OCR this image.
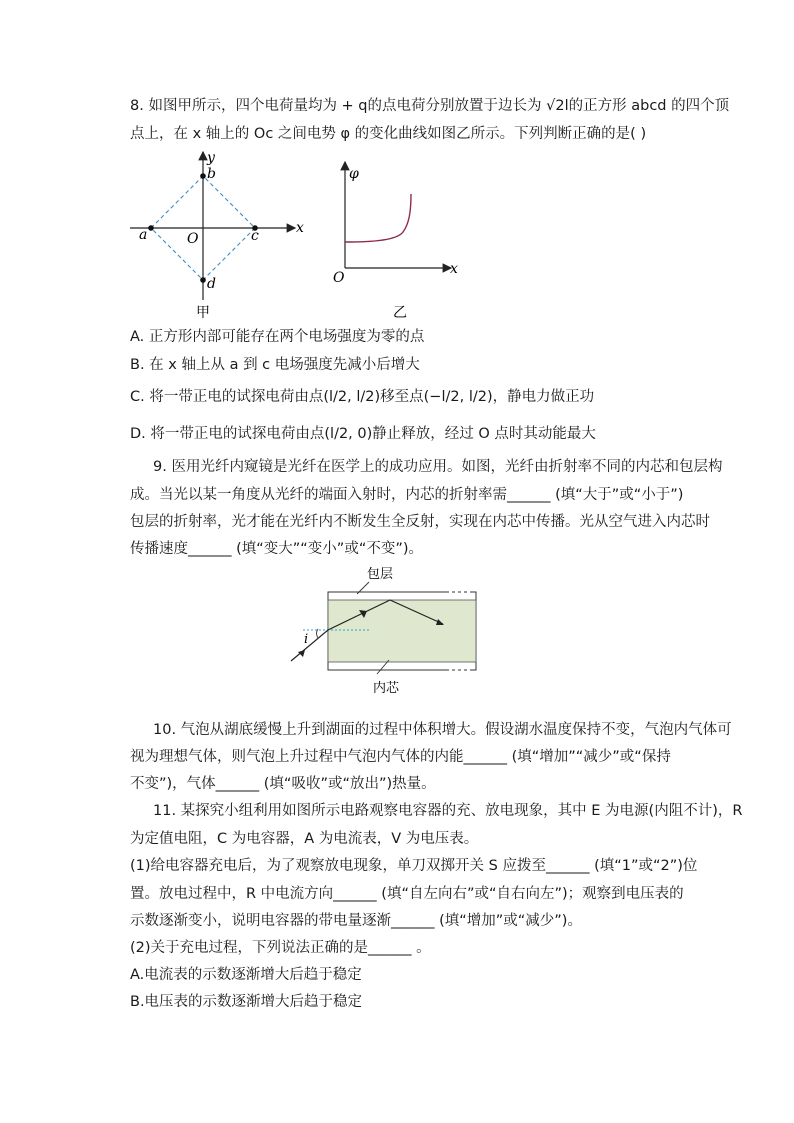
8. 如图甲所示，四个电荷量均为 + q的点电荷分别放置于边长为 √2l的正方形 abcd 的四个顶
点上，在 x 轴上的 Oc 之间电势 φ 的变化曲线如图乙所示。下列判断正确的是( )
y
x
O
a
b
c
d
甲
φ
x
O
乙
A. 正方形内部可能存在两个电场强度为零的点
B. 在 x 轴上从 a 到 c 电场强度先减小后增大
C. 将一带正电的试探电荷由点(l/2, l/2)移至点(−l/2, l/2)，静电力做正功
D. 将一带正电的试探电荷由点(l/2, 0)静止释放，经过 O 点时其动能最大
9. 医用光纤内窥镜是光纤在医学上的成功应用。如图，光纤由折射率不同的内芯和包层构
成。当光以某一角度从光纤的端面入射时，内芯的折射率需______ (填“大于”或“小于”)
包层的折射率，光才能在光纤内不断发生全反射，实现在内芯中传播。光从空气进入内芯时
传播速度______ (填“变大”“变小”或“不变”)。
包层
内芯
i
10. 气泡从湖底缓慢上升到湖面的过程中体积增大。假设湖水温度保持不变，气泡内气体可
视为理想气体，则气泡上升过程中气泡内气体的内能______ (填“增加”“减少”或“保持
不变”)，气体______ (填“吸收”或“放出”)热量。
11. 某探究小组利用如图所示电路观察电容器的充、放电现象，其中 E 为电源(内阻不计)，R
为定值电阻，C 为电容器，A 为电流表，V 为电压表。
(1)给电容器充电后，为了观察放电现象，单刀双掷开关 S 应拨至______ (填“1”或“2”)位
置。放电过程中，R 中电流方向______ (填“自左向右”或“自右向左”)；观察到电压表的
示数逐渐变小，说明电容器的带电量逐渐______ (填“增加”或“减少”)。
(2)关于充电过程，下列说法正确的是______ 。
A.电流表的示数逐渐增大后趋于稳定
B.电压表的示数逐渐增大后趋于稳定
